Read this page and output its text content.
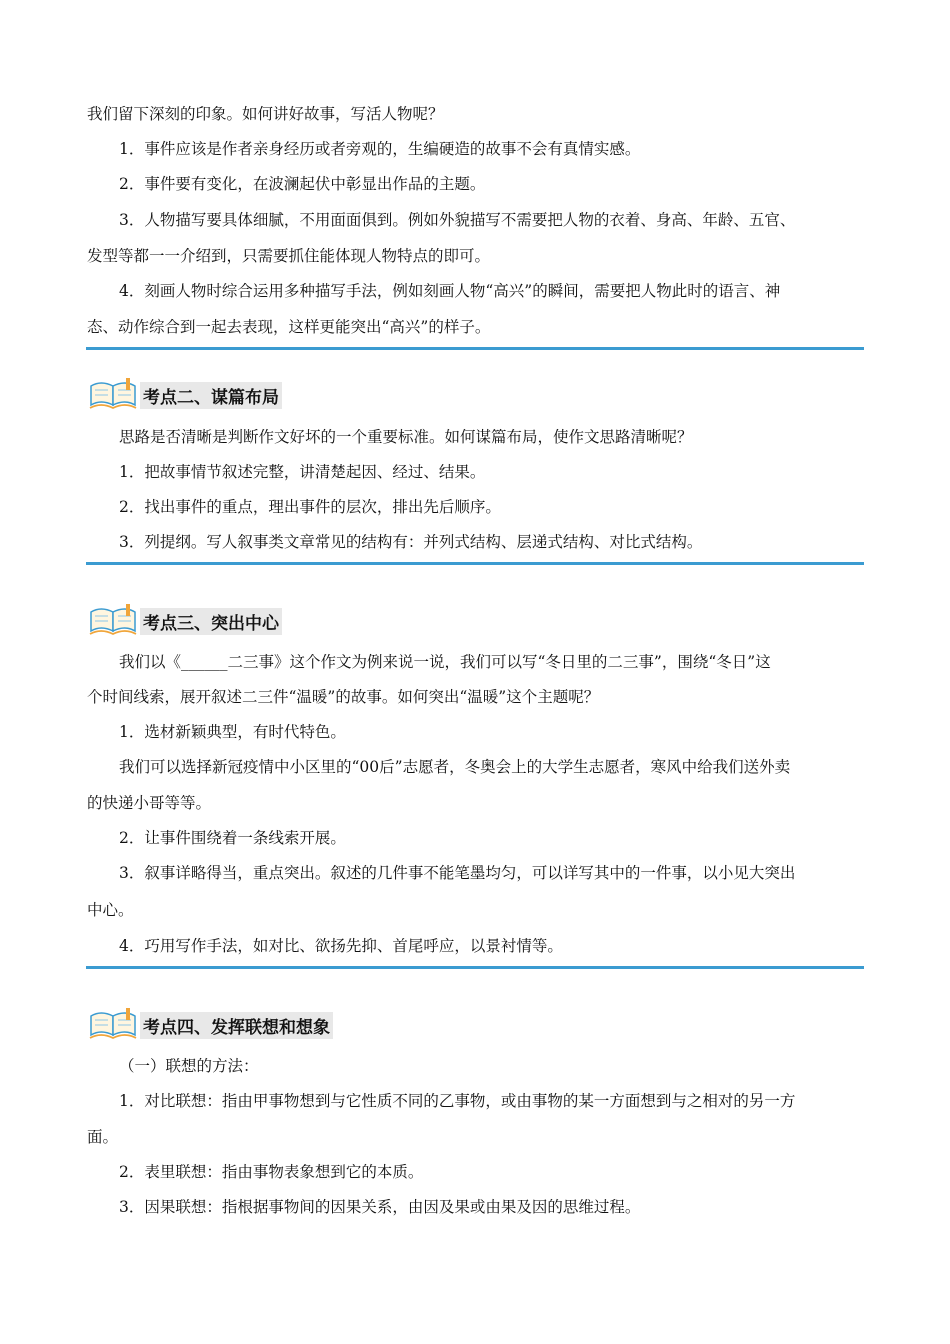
我们留下深刻的印象。如何讲好故事，写活人物呢？
1．事件应该是作者亲身经历或者旁观的，生编硬造的故事不会有真情实感。
2．事件要有变化，在波澜起伏中彰显出作品的主题。
3．人物描写要具体细腻，不用面面俱到。例如外貌描写不需要把人物的衣着、身高、年龄、五官、
发型等都一一介绍到，只需要抓住能体现人物特点的即可。
4．刻画人物时综合运用多种描写手法，例如刻画人物“高兴”的瞬间，需要把人物此时的语言、神
态、动作综合到一起去表现，这样更能突出“高兴”的样子。
考点二、谋篇布局
思路是否清晰是判断作文好坏的一个重要标准。如何谋篇布局，使作文思路清晰呢？
1．把故事情节叙述完整，讲清楚起因、经过、结果。
2．找出事件的重点，理出事件的层次，排出先后顺序。
3．列提纲。写人叙事类文章常见的结构有：并列式结构、层递式结构、对比式结构。
考点三、突出中心
我们以《______二三事》这个作文为例来说一说，我们可以写“冬日里的二三事”，围绕“冬日”这
个时间线索，展开叙述二三件“温暖”的故事。如何突出“温暖”这个主题呢？
1．选材新颖典型，有时代特色。
我们可以选择新冠疫情中小区里的“00后”志愿者，冬奥会上的大学生志愿者，寒风中给我们送外卖
的快递小哥等等。
2．让事件围绕着一条线索开展。
3．叙事详略得当，重点突出。叙述的几件事不能笔墨均匀，可以详写其中的一件事，以小见大突出
中心。
4．巧用写作手法，如对比、欲扬先抑、首尾呼应，以景衬情等。
考点四、发挥联想和想象
（一）联想的方法：
1．对比联想：指由甲事物想到与它性质不同的乙事物，或由事物的某一方面想到与之相对的另一方
面。
2．表里联想：指由事物表象想到它的本质。
3．因果联想：指根据事物间的因果关系，由因及果或由果及因的思维过程。
